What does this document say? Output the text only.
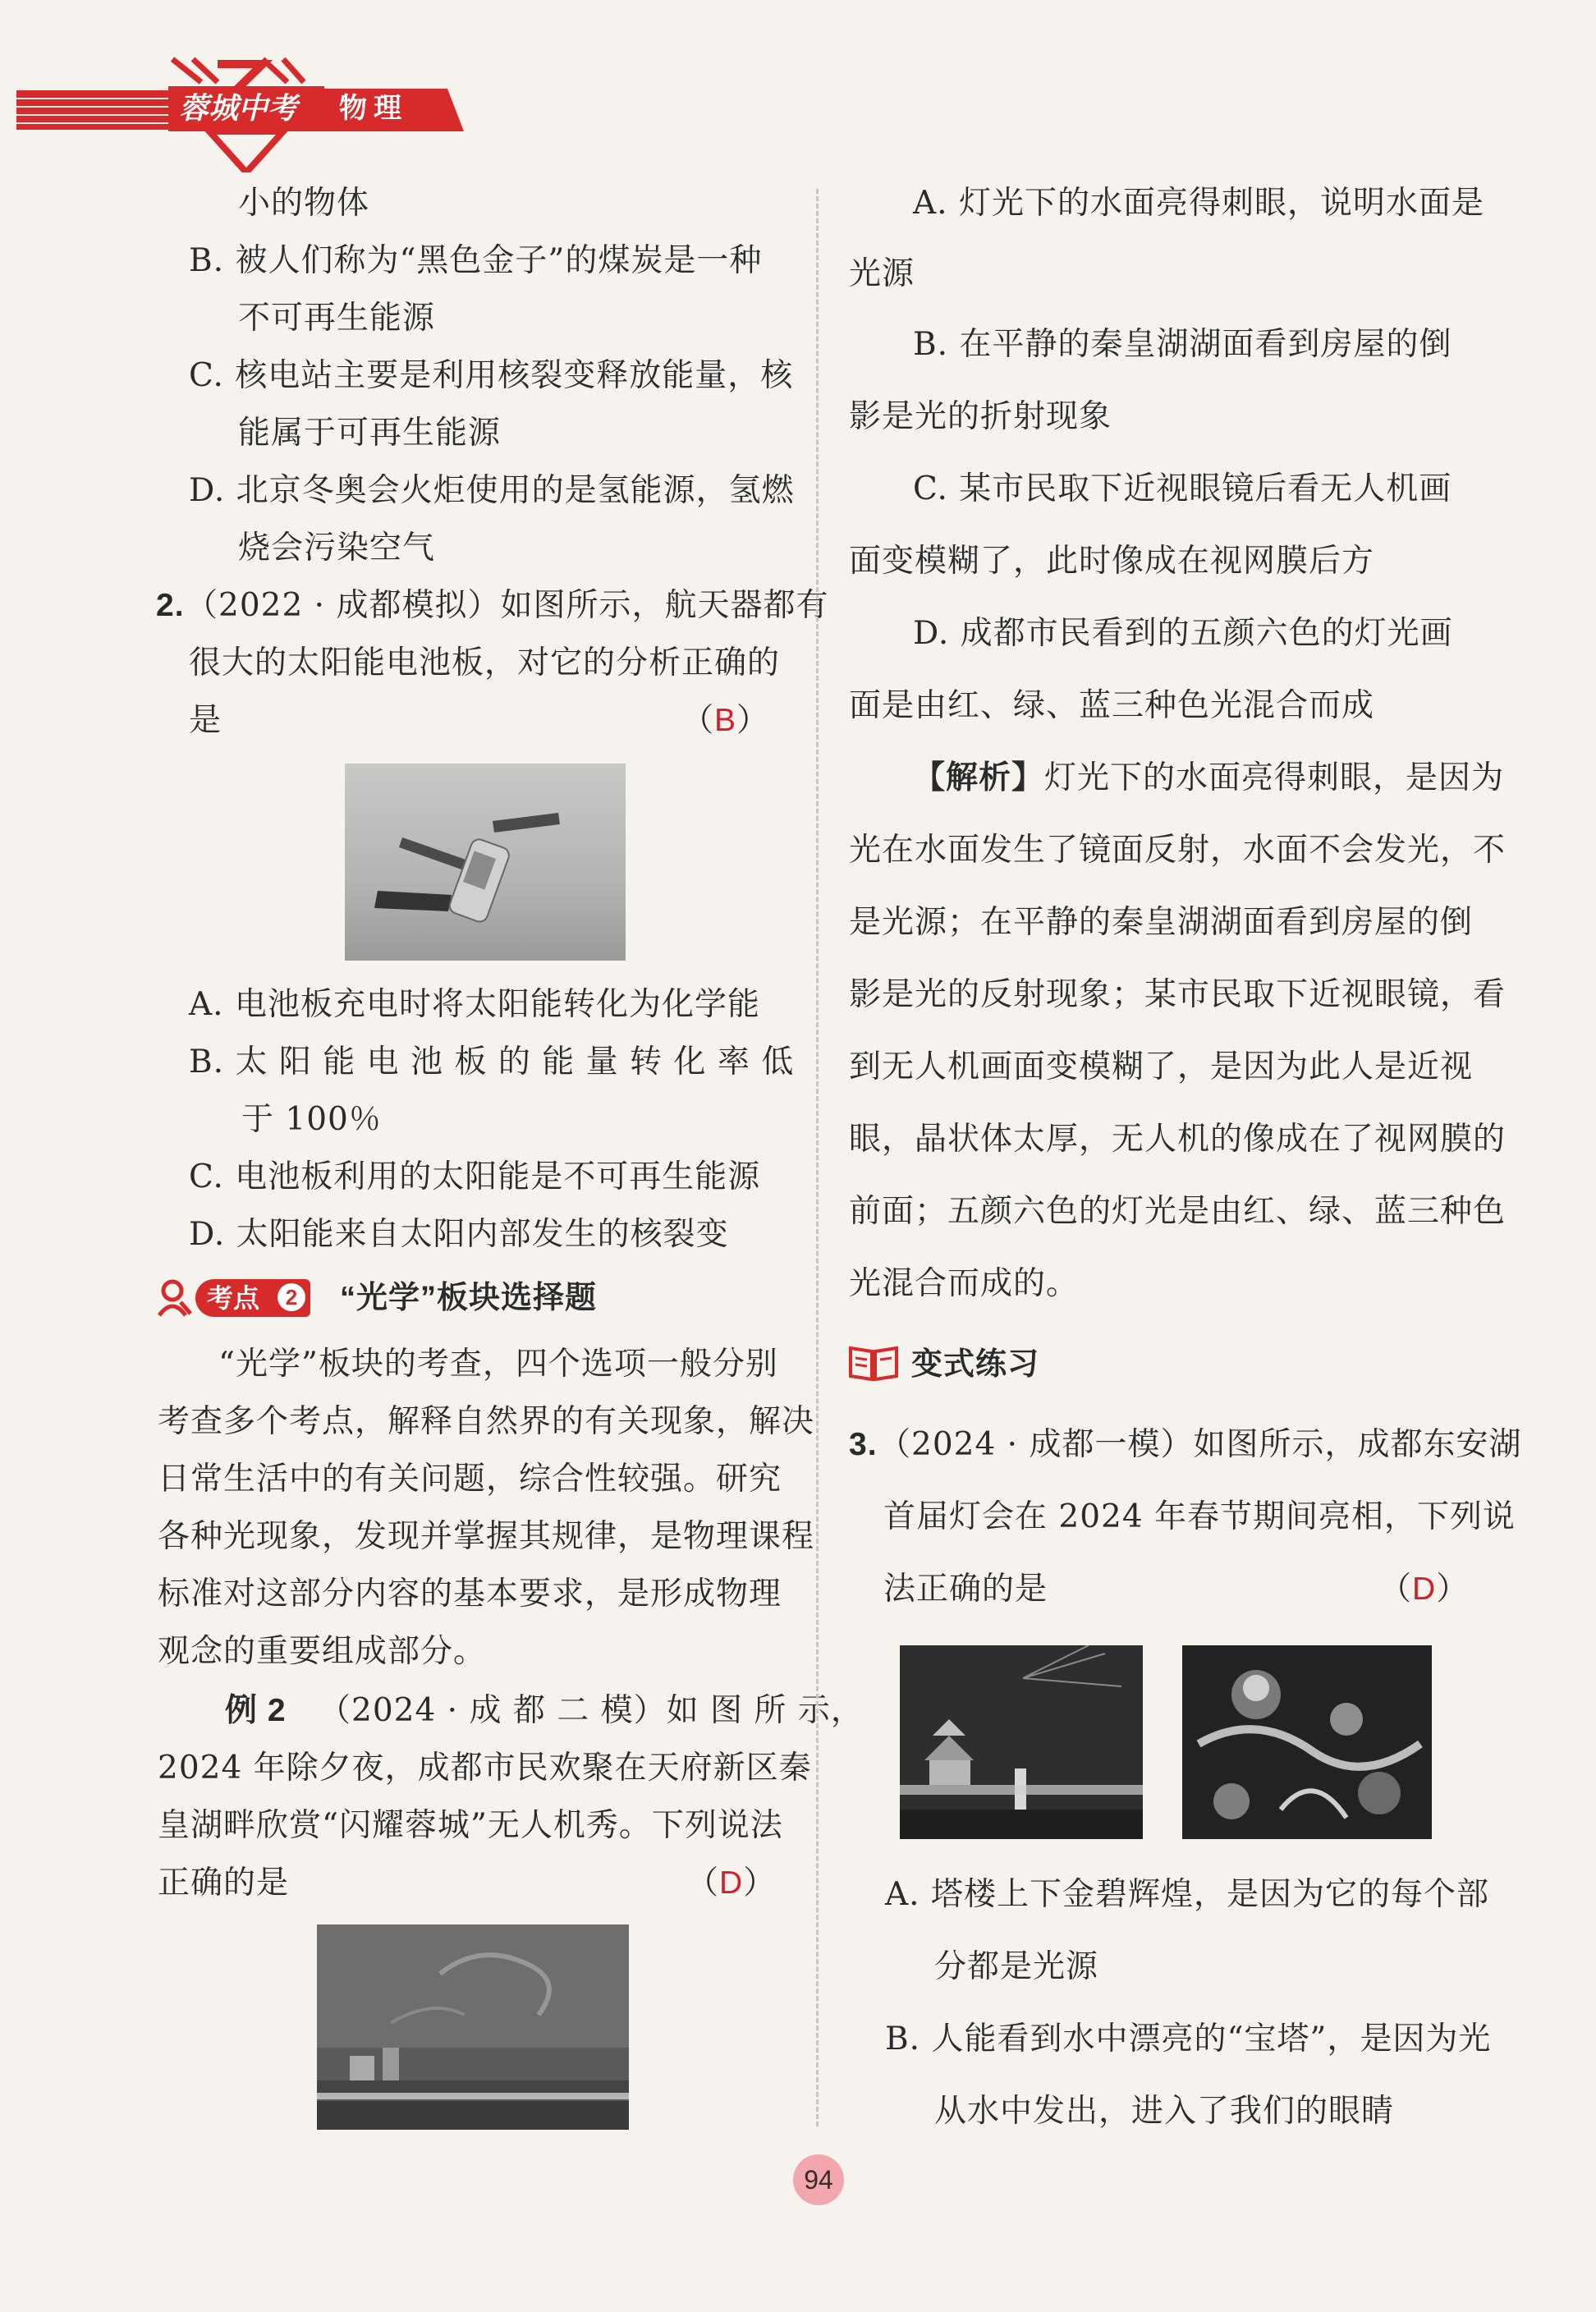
蓉城中考	物理
小的物体
B. 被人们称为“黑色金子”的煤炭是一种
不可再生能源
C. 核电站主要是利用核裂变释放能量，核
能属于可再生能源
D. 北京冬奥会火炬使用的是氢能源，氢燃
烧会污染空气
2. （2022 · 成都模拟）如图所示，航天器都有
很大的太阳能电池板，对它的分析正确的
是	（B）
A. 电池板充电时将太阳能转化为化学能
B. 太 阳 能 电 池 板 的 能 量 转 化 率 低
于 100％
C. 电池板利用的太阳能是不可再生能源
D. 太阳能来自太阳内部发生的核裂变
考点	2 “光学”板块选择题
“光学”板块的考查，四个选项一般分别
考查多个考点，解释自然界的有关现象，解决
日常生活中的有关问题，综合性较强。研究
各种光现象，发现并掌握其规律，是物理课程
标准对这部分内容的基本要求，是形成物理
观念的重要组成部分。
例 2 （2024 · 成 都 二 模）如 图 所 示，
2024 年除夕夜，成都市民欢聚在天府新区秦
皇湖畔欣赏“闪耀蓉城”无人机秀。下列说法
正确的是	（D）
A. 灯光下的水面亮得刺眼，说明水面是
光源
B. 在平静的秦皇湖湖面看到房屋的倒
影是光的折射现象
C. 某市民取下近视眼镜后看无人机画
面变模糊了，此时像成在视网膜后方
D. 成都市民看到的五颜六色的灯光画
面是由红、绿、蓝三种色光混合而成
【解析】灯光下的水面亮得刺眼，是因为
光在水面发生了镜面反射，水面不会发光，不
是光源；在平静的秦皇湖湖面看到房屋的倒
影是光的反射现象；某市民取下近视眼镜，看
到无人机画面变模糊了，是因为此人是近视
眼，晶状体太厚，无人机的像成在了视网膜的
前面；五颜六色的灯光是由红、绿、蓝三种色
光混合而成的。
变式练习
3. （2024 · 成都一模）如图所示，成都东安湖
首届灯会在 2024 年春节期间亮相，下列说
法正确的是	（D）
A. 塔楼上下金碧辉煌，是因为它的每个部
分都是光源
B. 人能看到水中漂亮的“宝塔”，是因为光
从水中发出，进入了我们的眼睛
94
